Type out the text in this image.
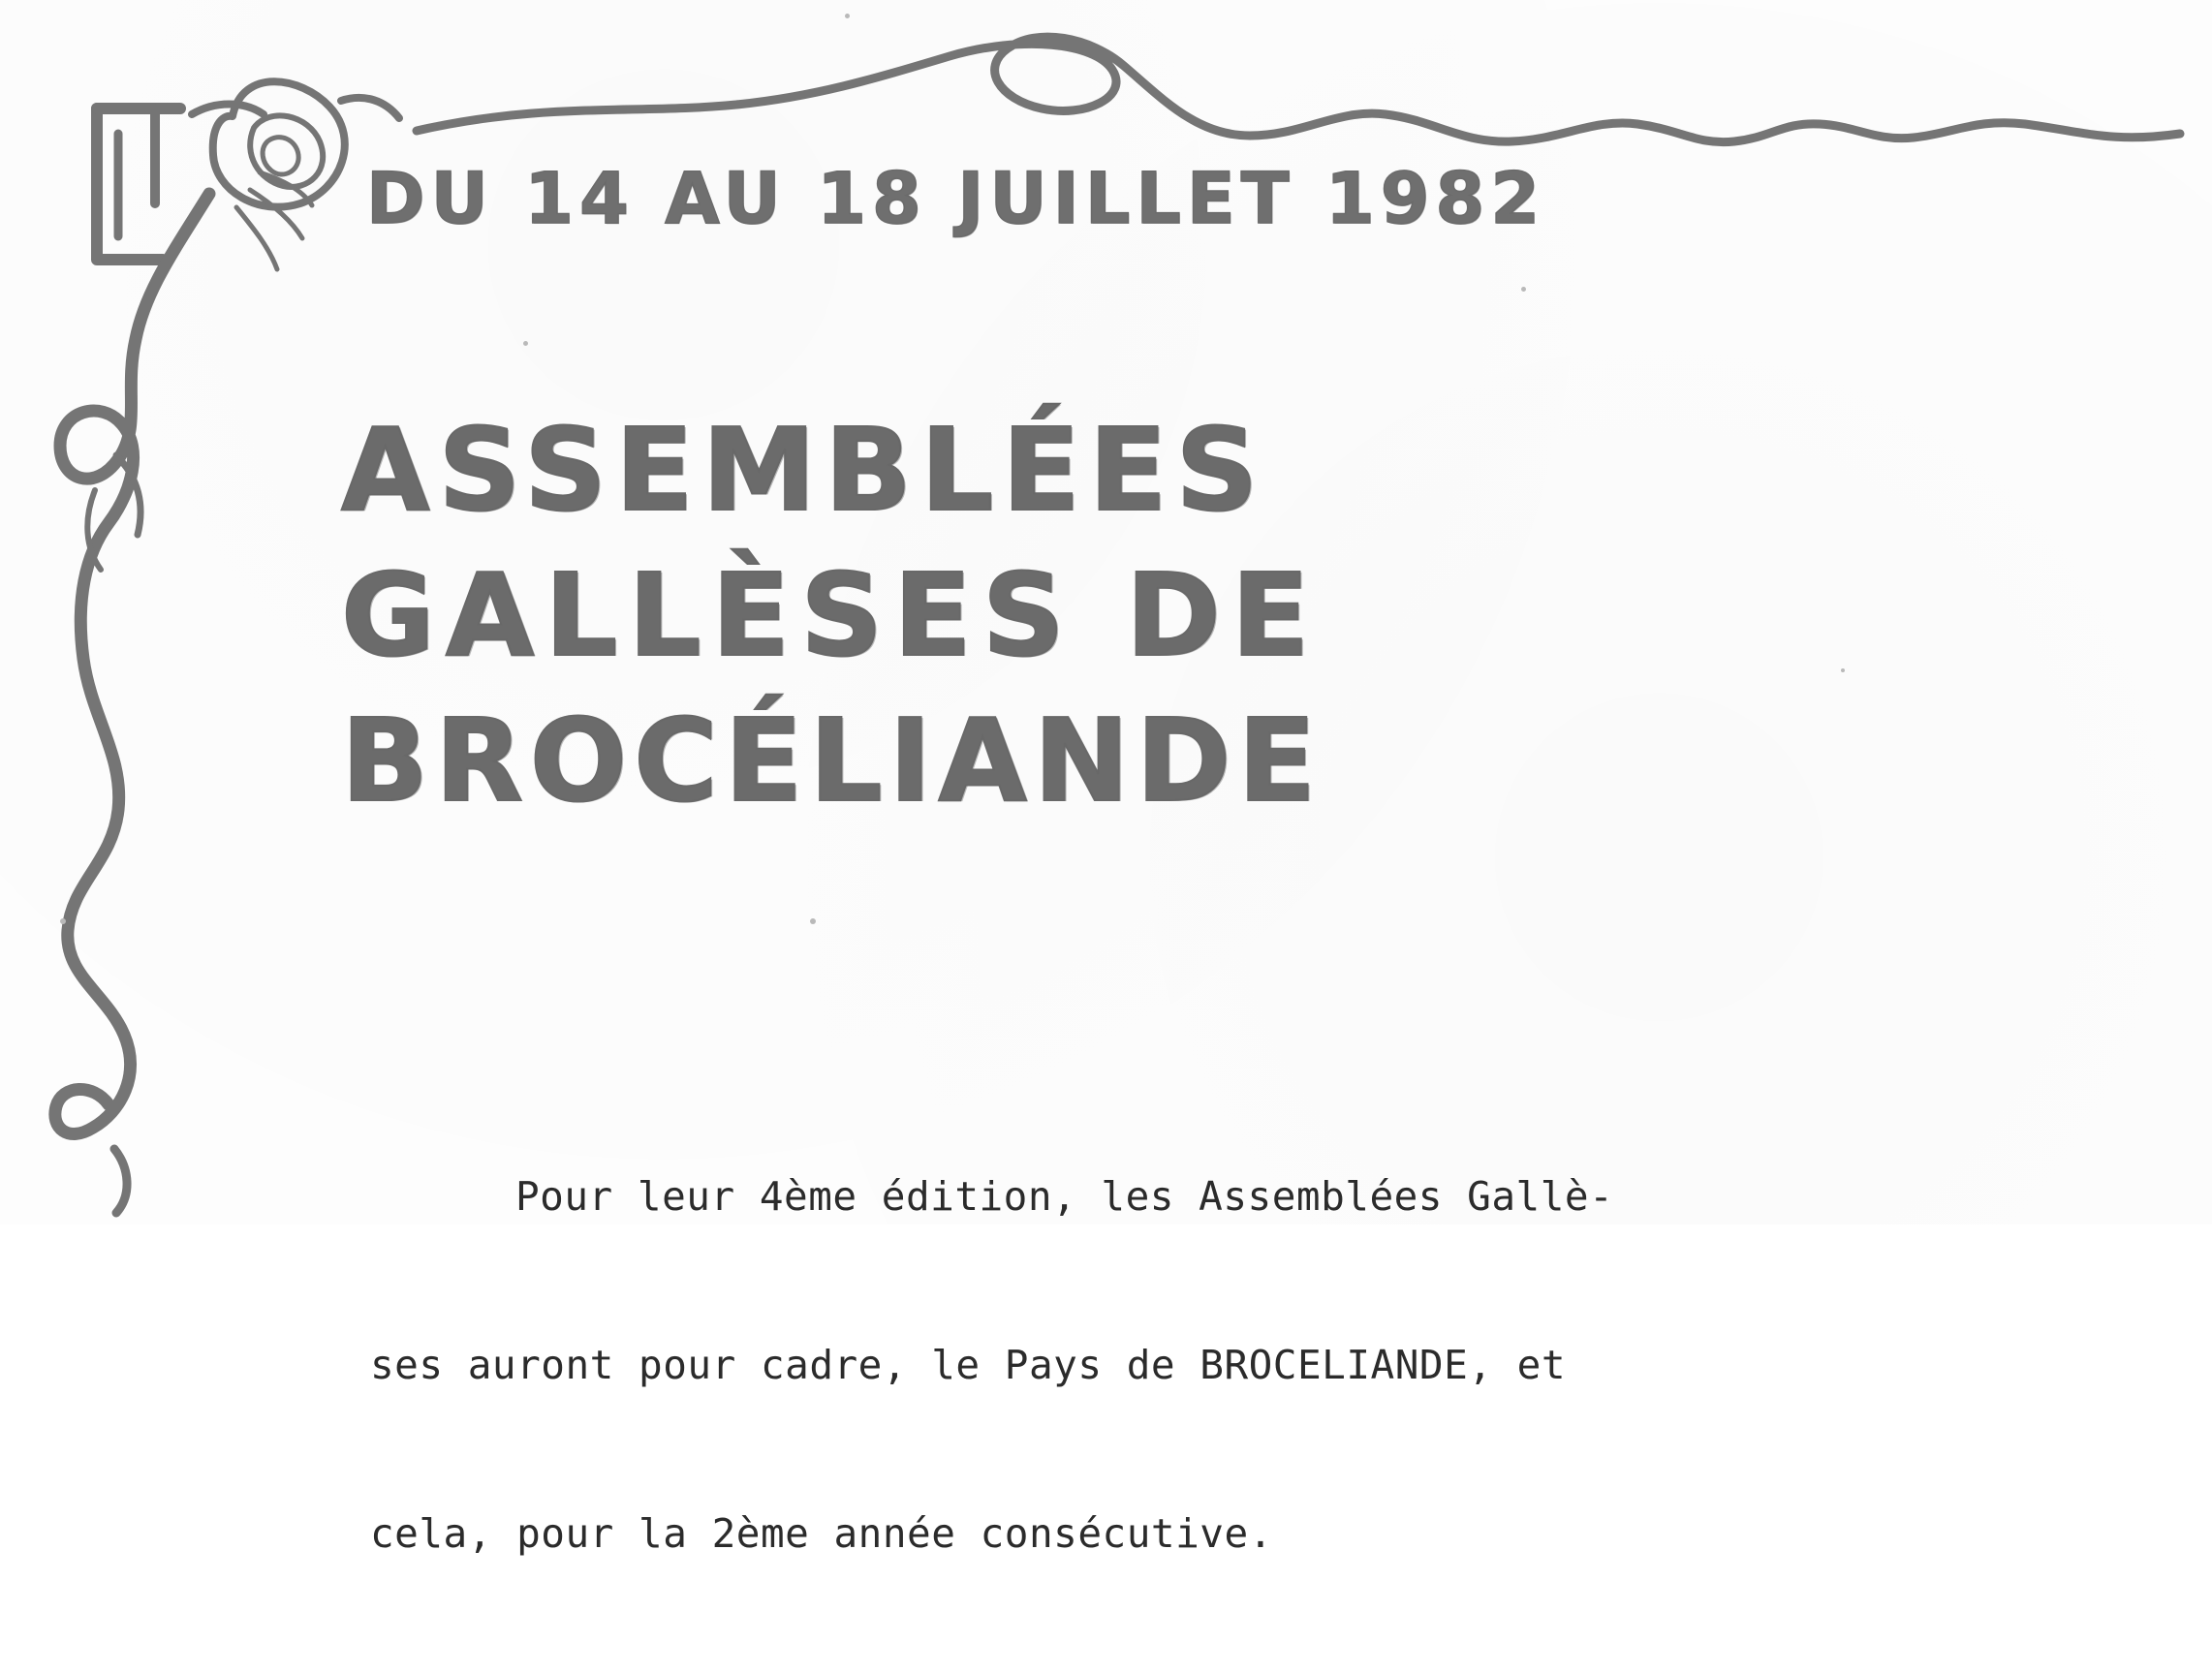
DU 14 AU 18 JUILLET 1982
ASSEMBLÉES
GALLÈSES DE
BROCÉLIANDE

Pour leur 4ème édition, les Assemblées Gallè-

ses auront pour cadre, le Pays de BROCELIANDE, et

cela, pour la 2ème année consécutive.
